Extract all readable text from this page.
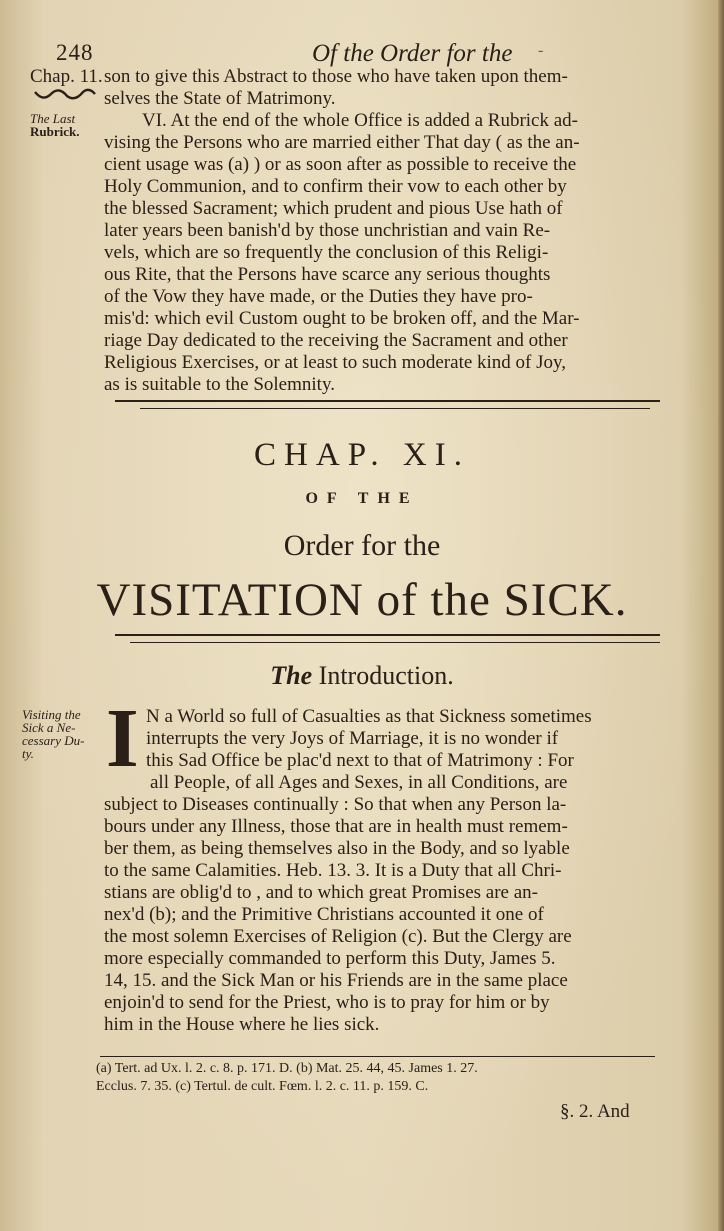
248	Of the Order for the -
Chap. 11.
The Last
Rubrick.

son to give this Abstract to those who have taken upon them-

selves the State of Matrimony.

VI. At the end of the whole Office is added a Rubrick ad-

vising the Persons who are married either That day ( as the an-

cient usage was (a) ) or as soon after as possible to receive the

Holy Communion, and to confirm their vow to each other by

the blessed Sacrament; which prudent and pious Use hath of

later years been banish'd by those unchristian and vain Re-

vels, which are so frequently the conclusion of this Religi-

ous Rite, that the Persons have scarce any serious thoughts

of the Vow they have made, or the Duties they have pro-

mis'd: which evil Custom ought to be broken off, and the Mar-

riage Day dedicated to the receiving the Sacrament and other

Religious Exercises, or at least to such moderate kind of Joy,

as is suitable to the Solemnity.

CHAP. XI.
OF THE
Order for the
VISITATION of the SICK.
The Introduction.
Visiting the
Sick a Ne-
cessary Du-
ty. I N a World so full of Casualties as that Sickness sometimes

interrupts the very Joys of Marriage, it is no wonder if

this Sad Office be plac'd next to that of Matrimony : For

all People, of all Ages and Sexes, in all Conditions, are

subject to Diseases continually : So that when any Person la-

bours under any Illness, those that are in health must remem-

ber them, as being themselves also in the Body, and so lyable

to the same Calamities. Heb. 13. 3. It is a Duty that all Chri-

stians are oblig'd to , and to which great Promises are an-

nex'd (b); and the Primitive Christians accounted it one of

the most solemn Exercises of Religion (c). But the Clergy are

more especially commanded to perform this Duty, James 5.

14, 15. and the Sick Man or his Friends are in the same place

enjoin'd to send for the Priest, who is to pray for him or by

him in the House where he lies sick.

(a) Tert. ad Ux. l. 2. c. 8. p. 171. D. (b) Mat. 25. 44, 45. James 1. 27.

Ecclus. 7. 35. (c) Tertul. de cult. Fœm. l. 2. c. 11. p. 159. C.

§. 2. And
